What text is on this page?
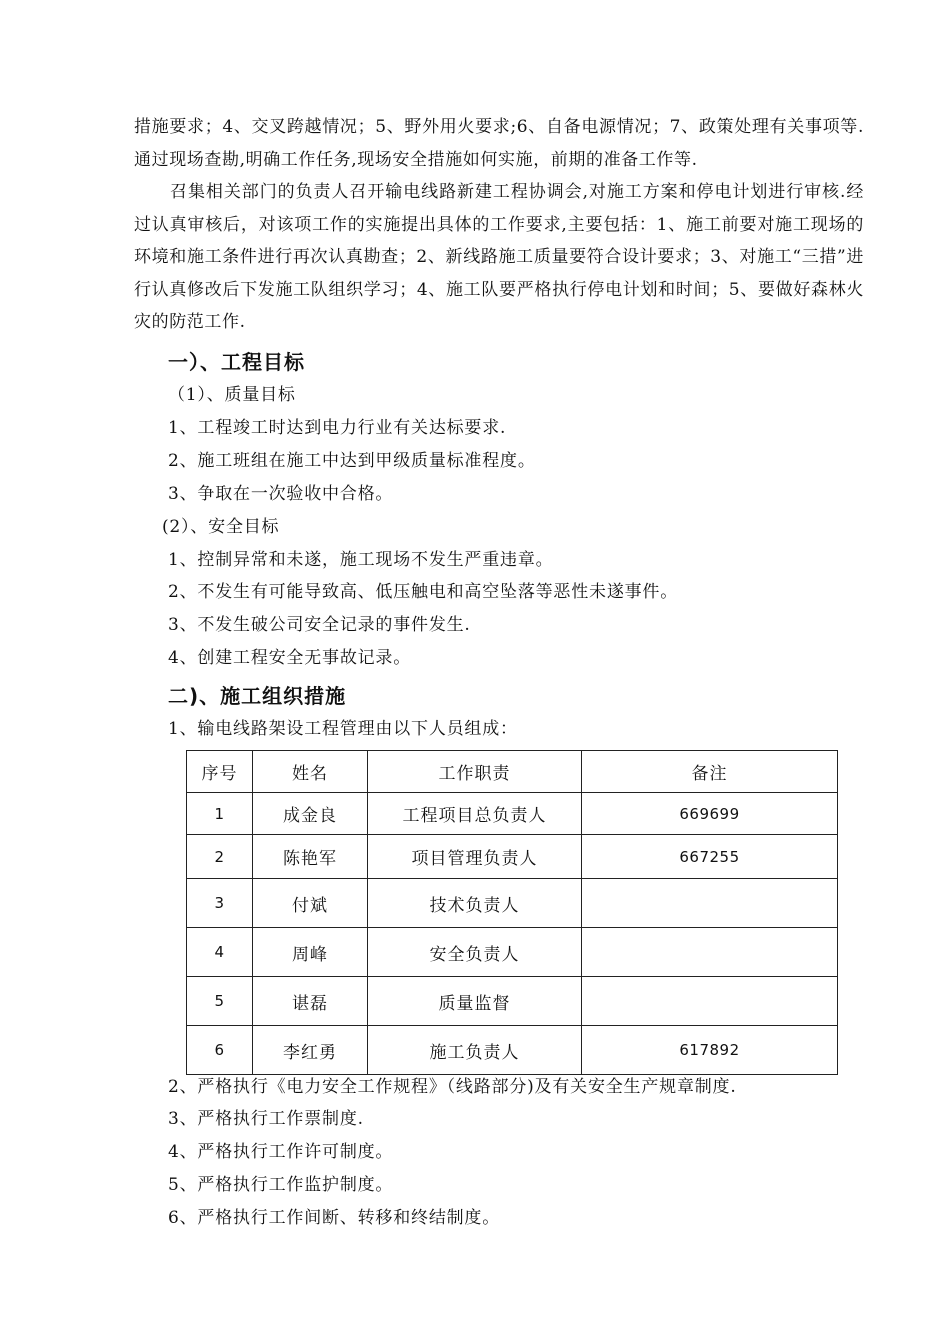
措施要求；4、交叉跨越情况；5、野外用火要求;6、自备电源情况；7、政策处理有关事项等.通过现场查勘,明确工作任务,现场安全措施如何实施，前期的准备工作等.
召集相关部门的负责人召开输电线路新建工程协调会,对施工方案和停电计划进行审核.经过认真审核后，对该项工作的实施提出具体的工作要求,主要包括：1、施工前要对施工现场的环境和施工条件进行再次认真勘查；2、新线路施工质量要符合设计要求；3、对施工“三措”进行认真修改后下发施工队组织学习；4、施工队要严格执行停电计划和时间；5、要做好森林火灾的防范工作.
一）、工程目标
（1）、质量目标
1、工程竣工时达到电力行业有关达标要求.
2、施工班组在施工中达到甲级质量标准程度。
3、争取在一次验收中合格。
(2）、安全目标
1、控制异常和未遂，施工现场不发生严重违章。
2、不发生有可能导致高、低压触电和高空坠落等恶性未遂事件。
3、不发生破公司安全记录的事件发生.
4、创建工程安全无事故记录。
二)、施工组织措施
1、输电线路架设工程管理由以下人员组成：
序号	姓名	工作职责	备注
1	成金良	工程项目总负责人	669699
2	陈艳军	项目管理负责人	667255
3	付斌	技术负责人	
4	周峰	安全负责人	
5	谌磊	质量监督	
6	李红勇	施工负责人	617892
2、严格执行《电力安全工作规程》（线路部分)及有关安全生产规章制度.
3、严格执行工作票制度.
4、严格执行工作许可制度。
5、严格执行工作监护制度。
6、严格执行工作间断、转移和终结制度。
